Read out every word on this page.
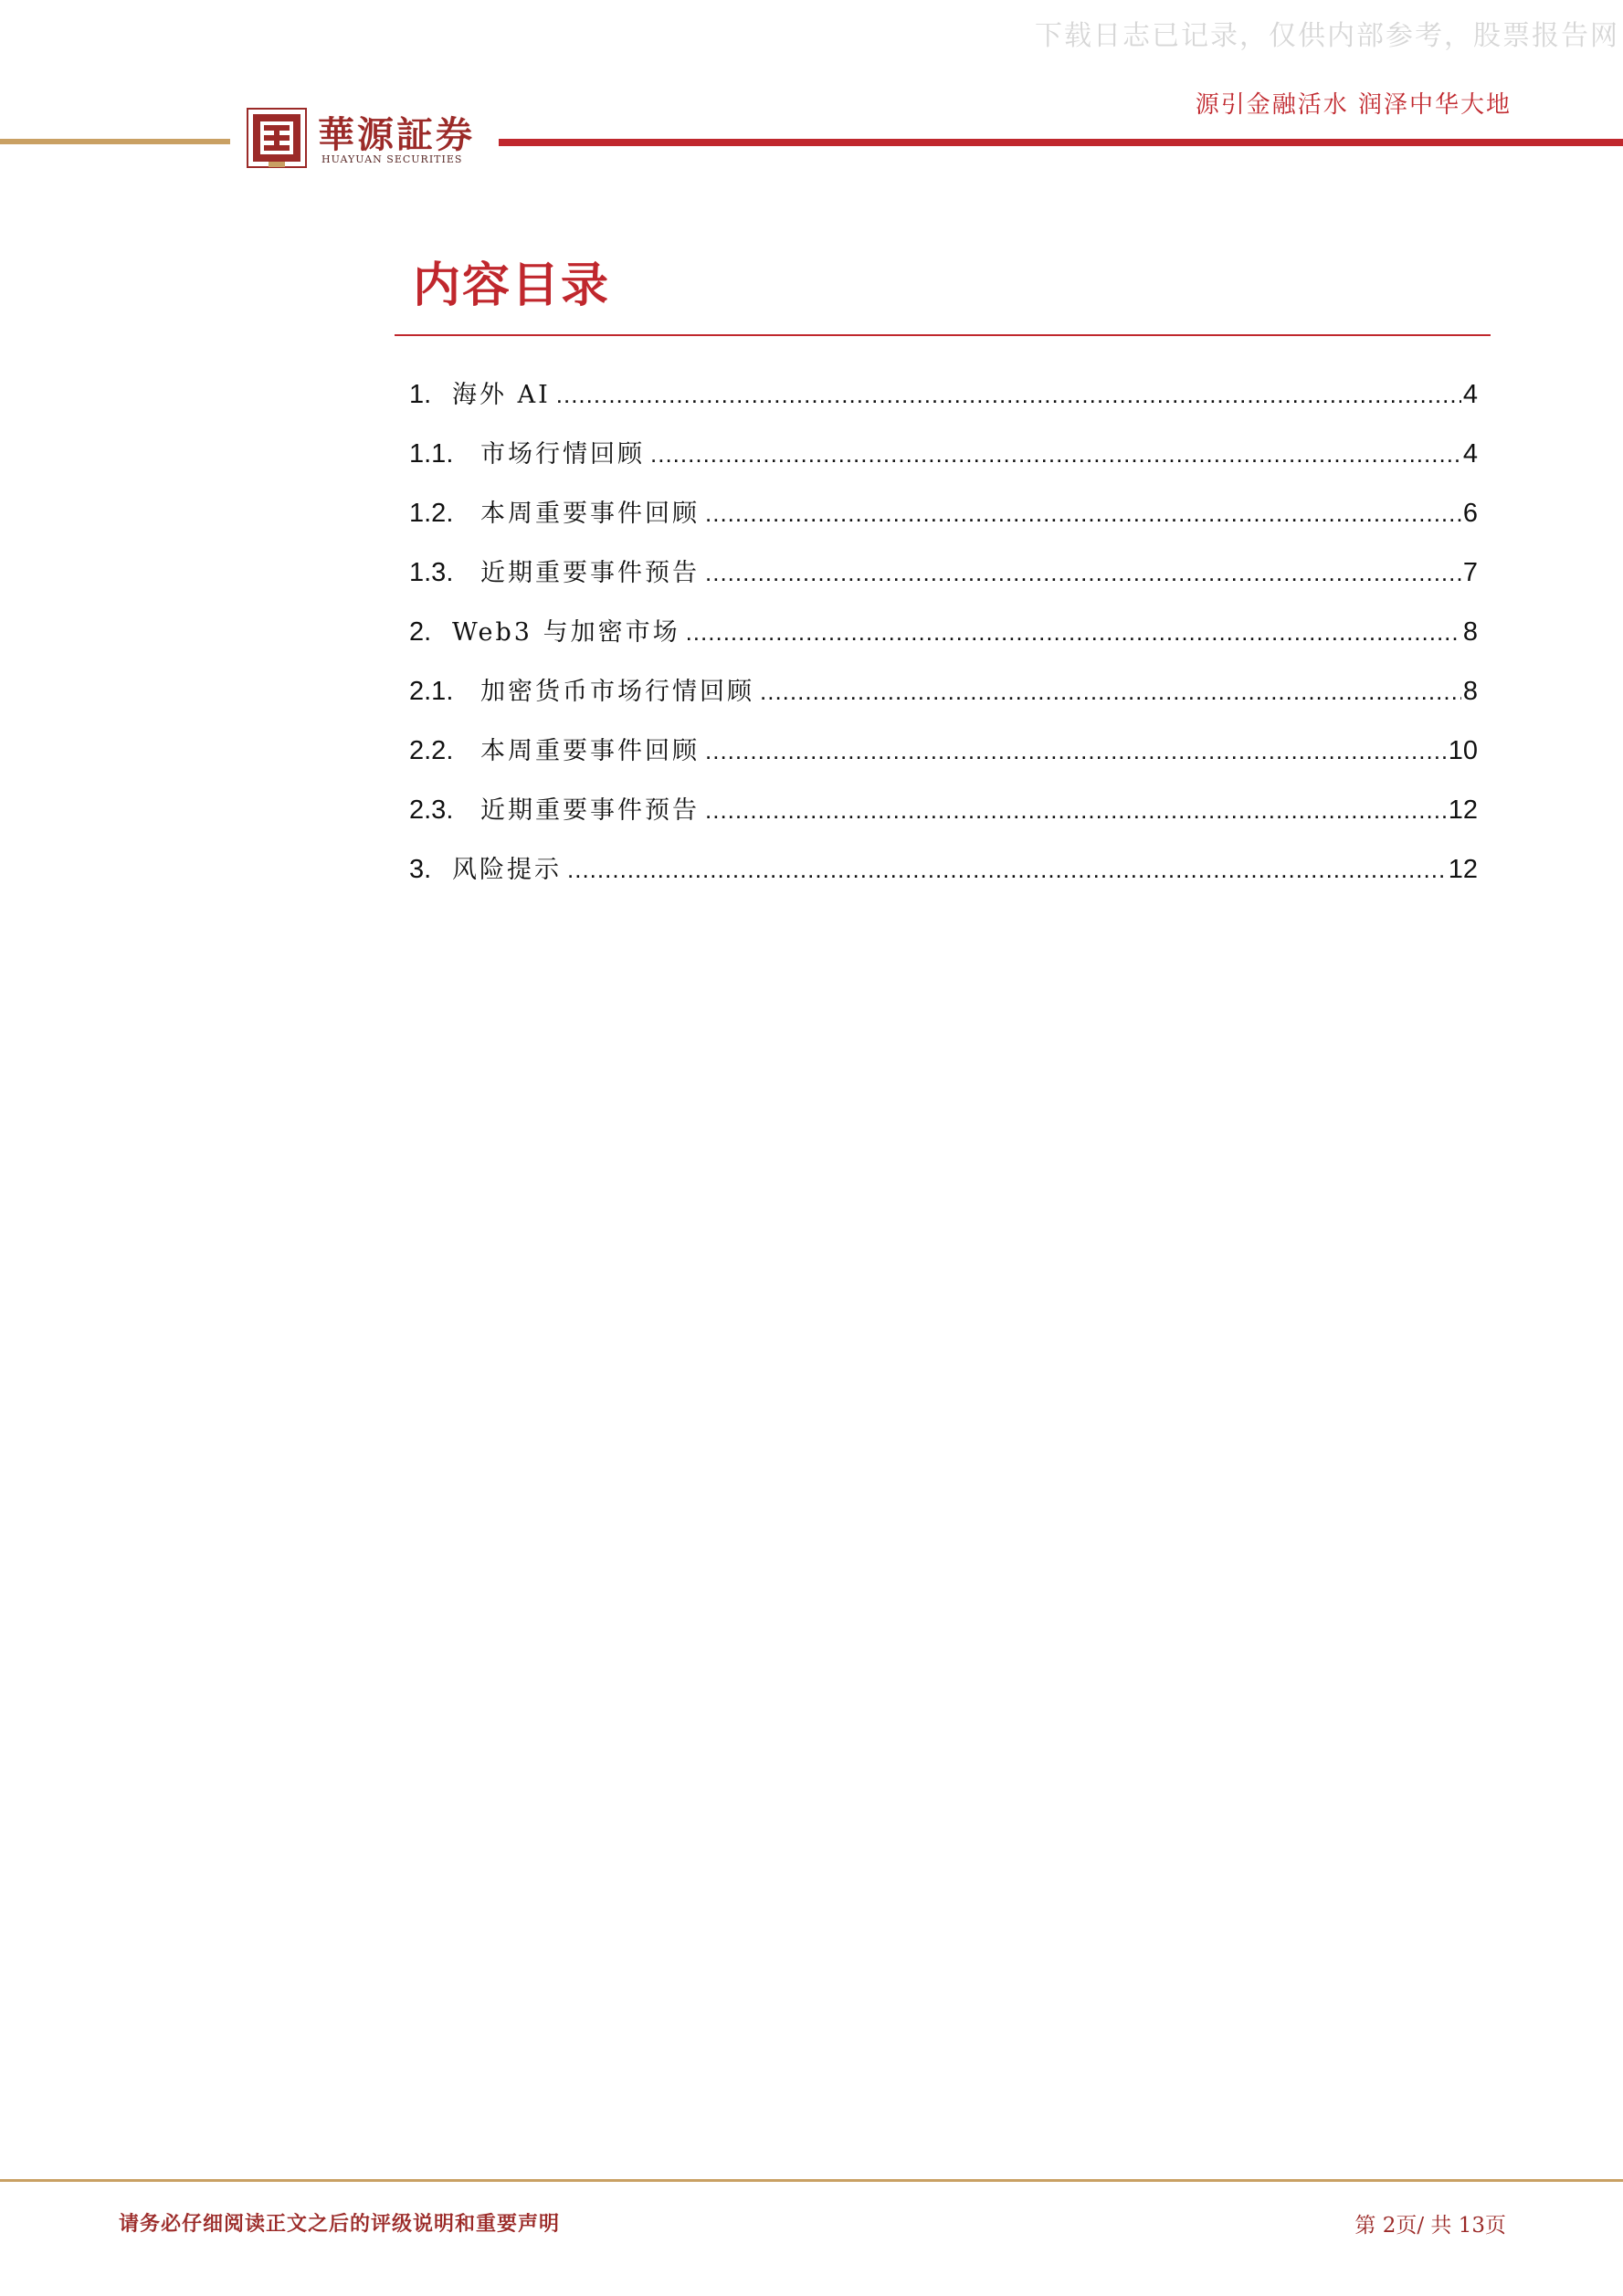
下载日志已记录，仅供内部参考，股票报告网
源引金融活水 润泽中华大地
華源証券
HUAYUAN SECURITIES
内容目录
1. 海外 AI .....	4
1.1.	市场行情回顾 .....	4
1.2.	本周重要事件回顾 .....	6
1.3.	近期重要事件预告 .....	7
2. Web3 与加密市场 .....	8
2.1.	加密货币市场行情回顾 .....	8
2.2.	本周重要事件回顾 .....	10
2.3.	近期重要事件预告 .....	12
3. 风险提示 .....	12
请务必仔细阅读正文之后的评级说明和重要声明	第 2页/ 共 13页
